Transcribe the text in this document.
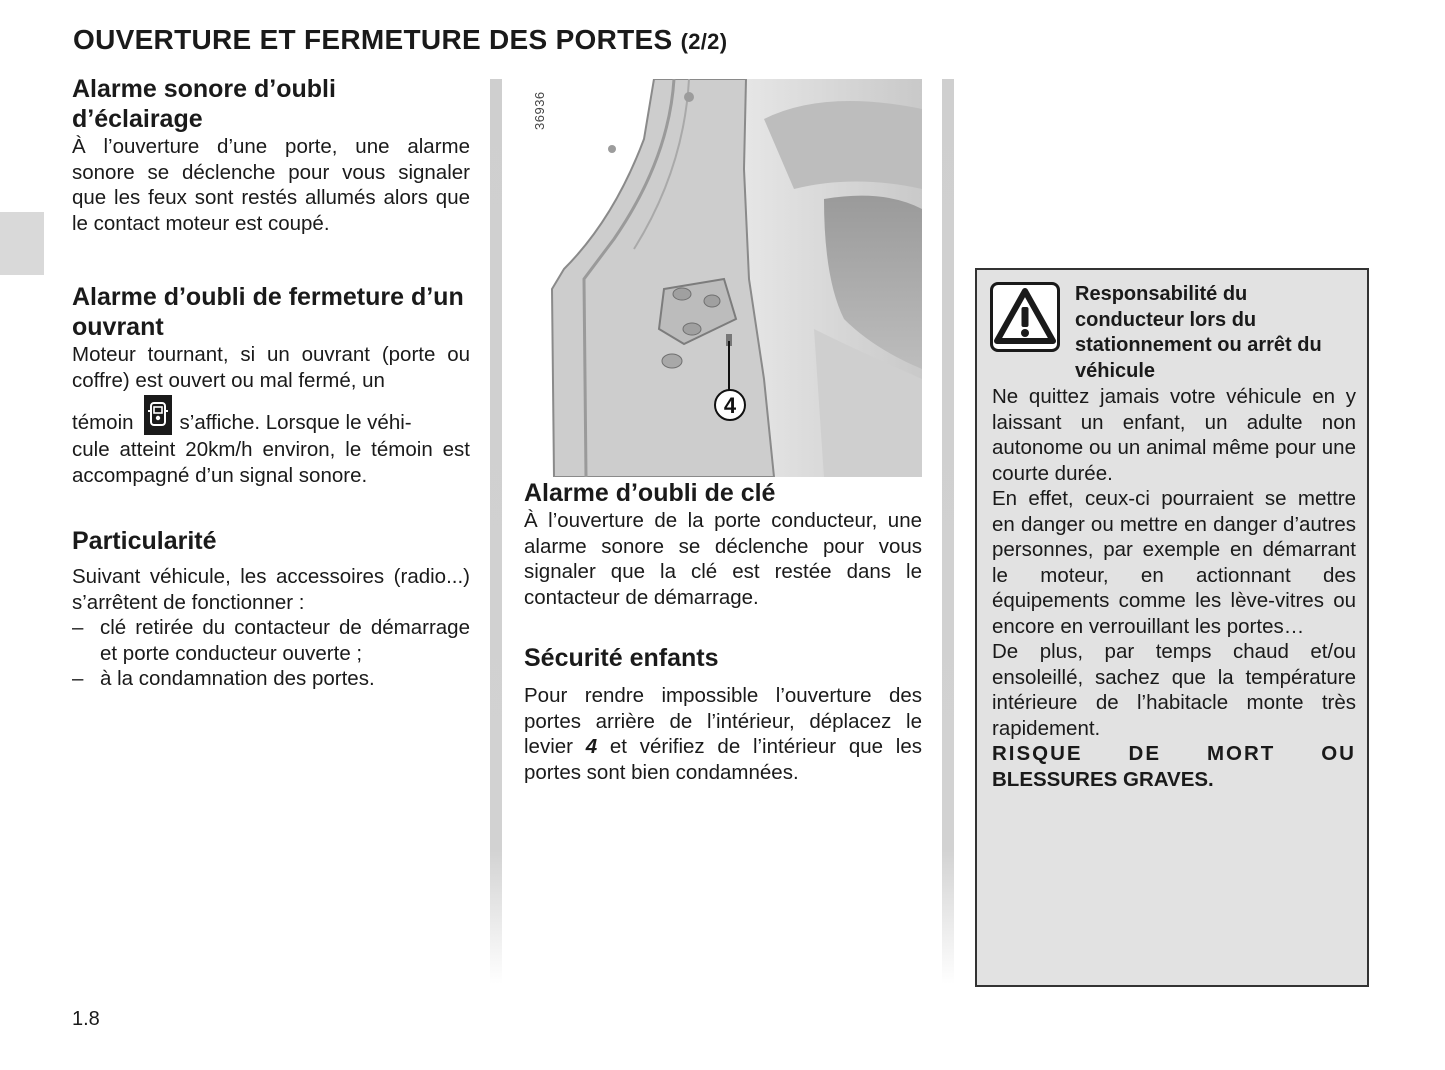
OUVERTURE ET FERMETURE DES PORTES (2/2)
Alarme sonore d’oubli d’éclairage

À l’ouverture d’une porte, une alarme sonore se déclenche pour vous signaler que les feux sont restés allumés alors que le contact moteur est coupé.

Alarme d’oubli de fermeture d’un ouvrant

Moteur tournant, si un ouvrant (porte ou coffre) est ouvert ou mal fermé, un

témoin s’affiche. Lorsque le véhi-

cule atteint 20km/h environ, le témoin est accompagné d’un signal sonore.

Particularité

Suivant véhicule, les accessoires (radio...) s’arrêtent de fonctionner :

– clé retirée du contacteur de démarrage et porte conducteur ouverte ;
– à la condamnation des portes.
4
36936
Alarme d’oubli de clé

À l’ouverture de la porte conducteur, une alarme sonore se déclenche pour vous signaler que la clé est restée dans le contacteur de démarrage.

Sécurité enfants

Pour rendre impossible l’ouverture des portes arrière de l’intérieur, déplacez le levier 4 et vérifiez de l’intérieur que les portes sont bien condamnées.

Responsabilité du conducteur lors du stationnement ou arrêt du véhicule

Ne quittez jamais votre véhicule en y laissant un enfant, un adulte non autonome ou un animal même pour une courte durée.

En effet, ceux-ci pourraient se mettre en danger ou mettre en danger d’autres personnes, par exemple en démarrant le moteur, en actionnant des équipements comme les lève-vitres ou encore en verrouillant les portes…

De plus, par temps chaud et/ou ensoleillé, sachez que la température intérieure de l’habitacle monte très rapidement.

RISQUE DE MORT OU

BLESSURES GRAVES.

1.8
